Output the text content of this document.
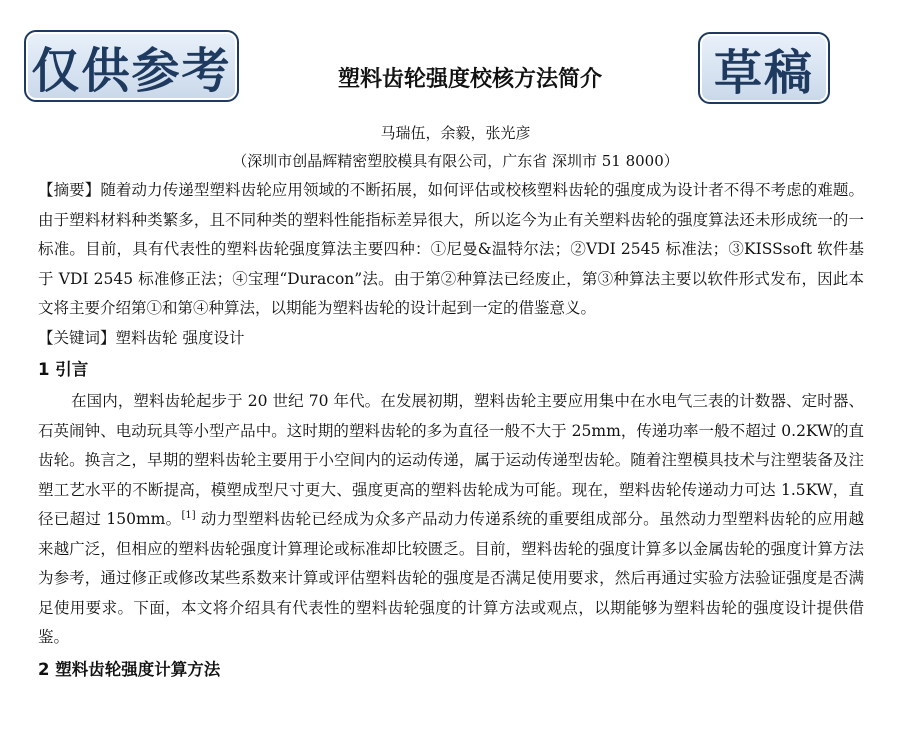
仅供参考	草稿
塑料齿轮强度校核方法简介
马瑞伍，余毅，张光彦
（深圳市创晶辉精密塑胶模具有限公司，广东省 深圳市 51 8000）

【摘要】随着动力传递型塑料齿轮应用领域的不断拓展，如何评估或校核塑料齿轮的强度成为设计者不得不考虑的难题。由于塑料材料种类繁多，且不同种类的塑料性能指标差异很大，所以迄今为止有关塑料齿轮的强度算法还未形成统一的一标准。目前，具有代表性的塑料齿轮强度算法主要四种：①尼曼&温特尔法；②VDI 2545 标准法；③KISSsoft 软件基于 VDI 2545 标准修正法；④宝理“Duracon”法。由于第②种算法已经废止，第③种算法主要以软件形式发布，因此本文将主要介绍第①和第④种算法，以期能为塑料齿轮的设计起到一定的借鉴意义。

【关键词】塑料齿轮 强度设计

1 引言

在国内，塑料齿轮起步于 20 世纪 70 年代。在发展初期，塑料齿轮主要应用集中在水电气三表的计数器、定时器、石英闹钟、电动玩具等小型产品中。这时期的塑料齿轮的多为直径一般不大于 25mm，传递功率一般不超过 0.2KW的直齿轮。换言之，早期的塑料齿轮主要用于小空间内的运动传递，属于运动传递型齿轮。随着注塑模具技术与注塑装备及注塑工艺水平的不断提高，模塑成型尺寸更大、强度更高的塑料齿轮成为可能。现在，塑料齿轮传递动力可达 1.5KW，直径已超过 150mm。[1] 动力型塑料齿轮已经成为众多产品动力传递系统的重要组成部分。虽然动力型塑料齿轮的应用越来越广泛，但相应的塑料齿轮强度计算理论或标准却比较匮乏。目前，塑料齿轮的强度计算多以金属齿轮的强度计算方法为参考，通过修正或修改某些系数来计算或评估塑料齿轮的强度是否满足使用要求，然后再通过实验方法验证强度是否满足使用要求。下面，本文将介绍具有代表性的塑料齿轮强度的计算方法或观点，以期能够为塑料齿轮的强度设计提供借鉴。

2 塑料齿轮强度计算方法
